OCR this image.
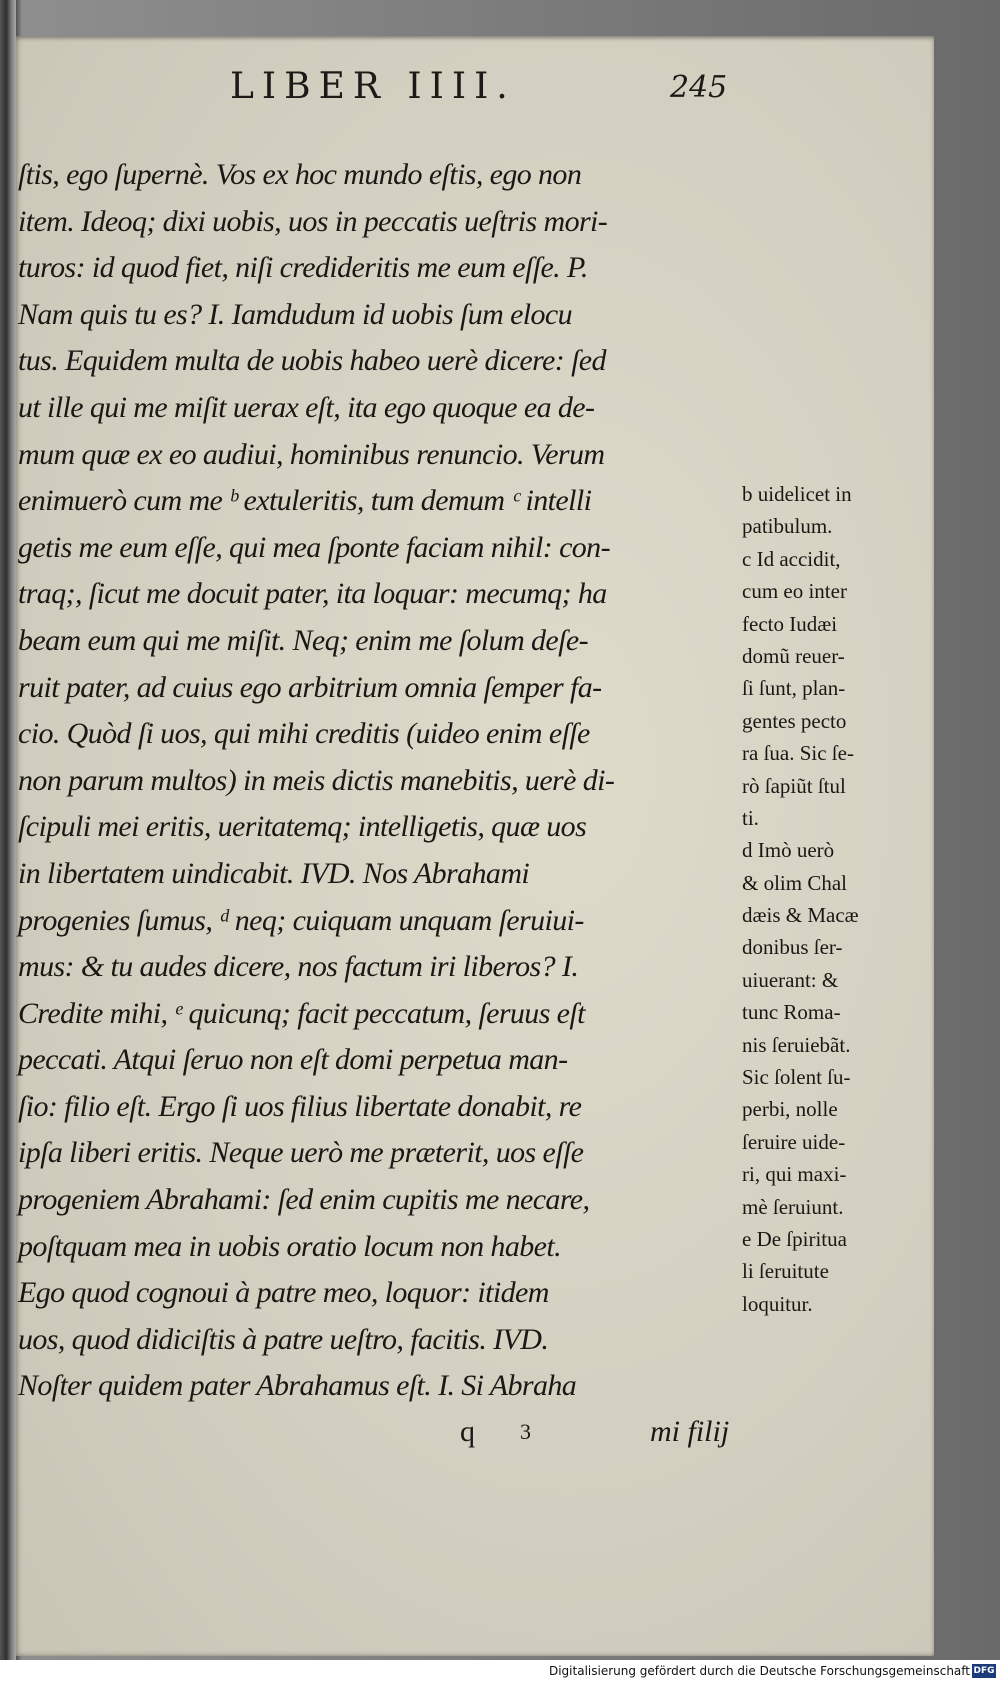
LIBER IIII.	245
ſtis, ego ſupernè. Vos ex hoc mundo eſtis, ego non
item. Ideoq; dixi uobis, uos in peccatis ueſtris mori-
turos: id quod fiet, niſi credideritis me eum eſſe. P.
Nam quis tu es? I. Iamdudum id uobis ſum elocu
tus. Equidem multa de uobis habeo uerè dicere: ſed
ut ille qui me miſit uerax eſt, ita ego quoque ea de-
mum quæ ex eo audiui, hominibus renuncio. Verum
enimuerò cum me ᵇ extuleritis, tum demum ᶜ intelli
getis me eum eſſe, qui mea ſponte faciam nihil: con-
traq;, ſicut me docuit pater, ita loquar: mecumq; ha
beam eum qui me miſit. Neq; enim me ſolum deſe-
ruit pater, ad cuius ego arbitrium omnia ſemper fa-
cio. Quòd ſi uos, qui mihi creditis (uideo enim eſſe
non parum multos) in meis dictis manebitis, uerè di-
ſcipuli mei eritis, ueritatemq; intelligetis, quæ uos
in libertatem uindicabit. IVD. Nos Abrahami
progenies ſumus, ᵈ neq; cuiquam unquam ſeruiui-
mus: & tu audes dicere, nos factum iri liberos? I.
Credite mihi, ᵉ quicunq; facit peccatum, ſeruus eſt
peccati. Atqui ſeruo non eſt domi perpetua man-
ſio: filio eſt. Ergo ſi uos filius libertate donabit, re
ipſa liberi eritis. Neque uerò me præterit, uos eſſe
progeniem Abrahami: ſed enim cupitis me necare,
poſtquam mea in uobis oratio locum non habet.
Ego quod cognoui à patre meo, loquor: itidem
uos, quod didiciſtis à patre ueſtro, facitis. IVD.
Noſter quidem pater Abrahamus eſt. I. Si Abraha
b uidelicet in
patibulum.
c Id accidit,
cum eo inter
fecto Iudæi
domũ reuer-
ſi ſunt, plan-
gentes pecto
ra ſua. Sic ſe-
rò ſapiũt ſtul
ti.
d Imò uerò
& olim Chal
dæis & Macæ
donibus ſer-
uiuerant: &
tunc Roma-
nis ſeruiebãt.
Sic ſolent ſu-
perbi, nolle
ſeruire uide-
ri, qui maxi-
mè ſeruiunt.
e De ſpiritua
li ſeruitute
loquitur.
q 3	mi filij
Digitalisierung gefördert durch die Deutsche Forschungsgemeinschaft DFG
